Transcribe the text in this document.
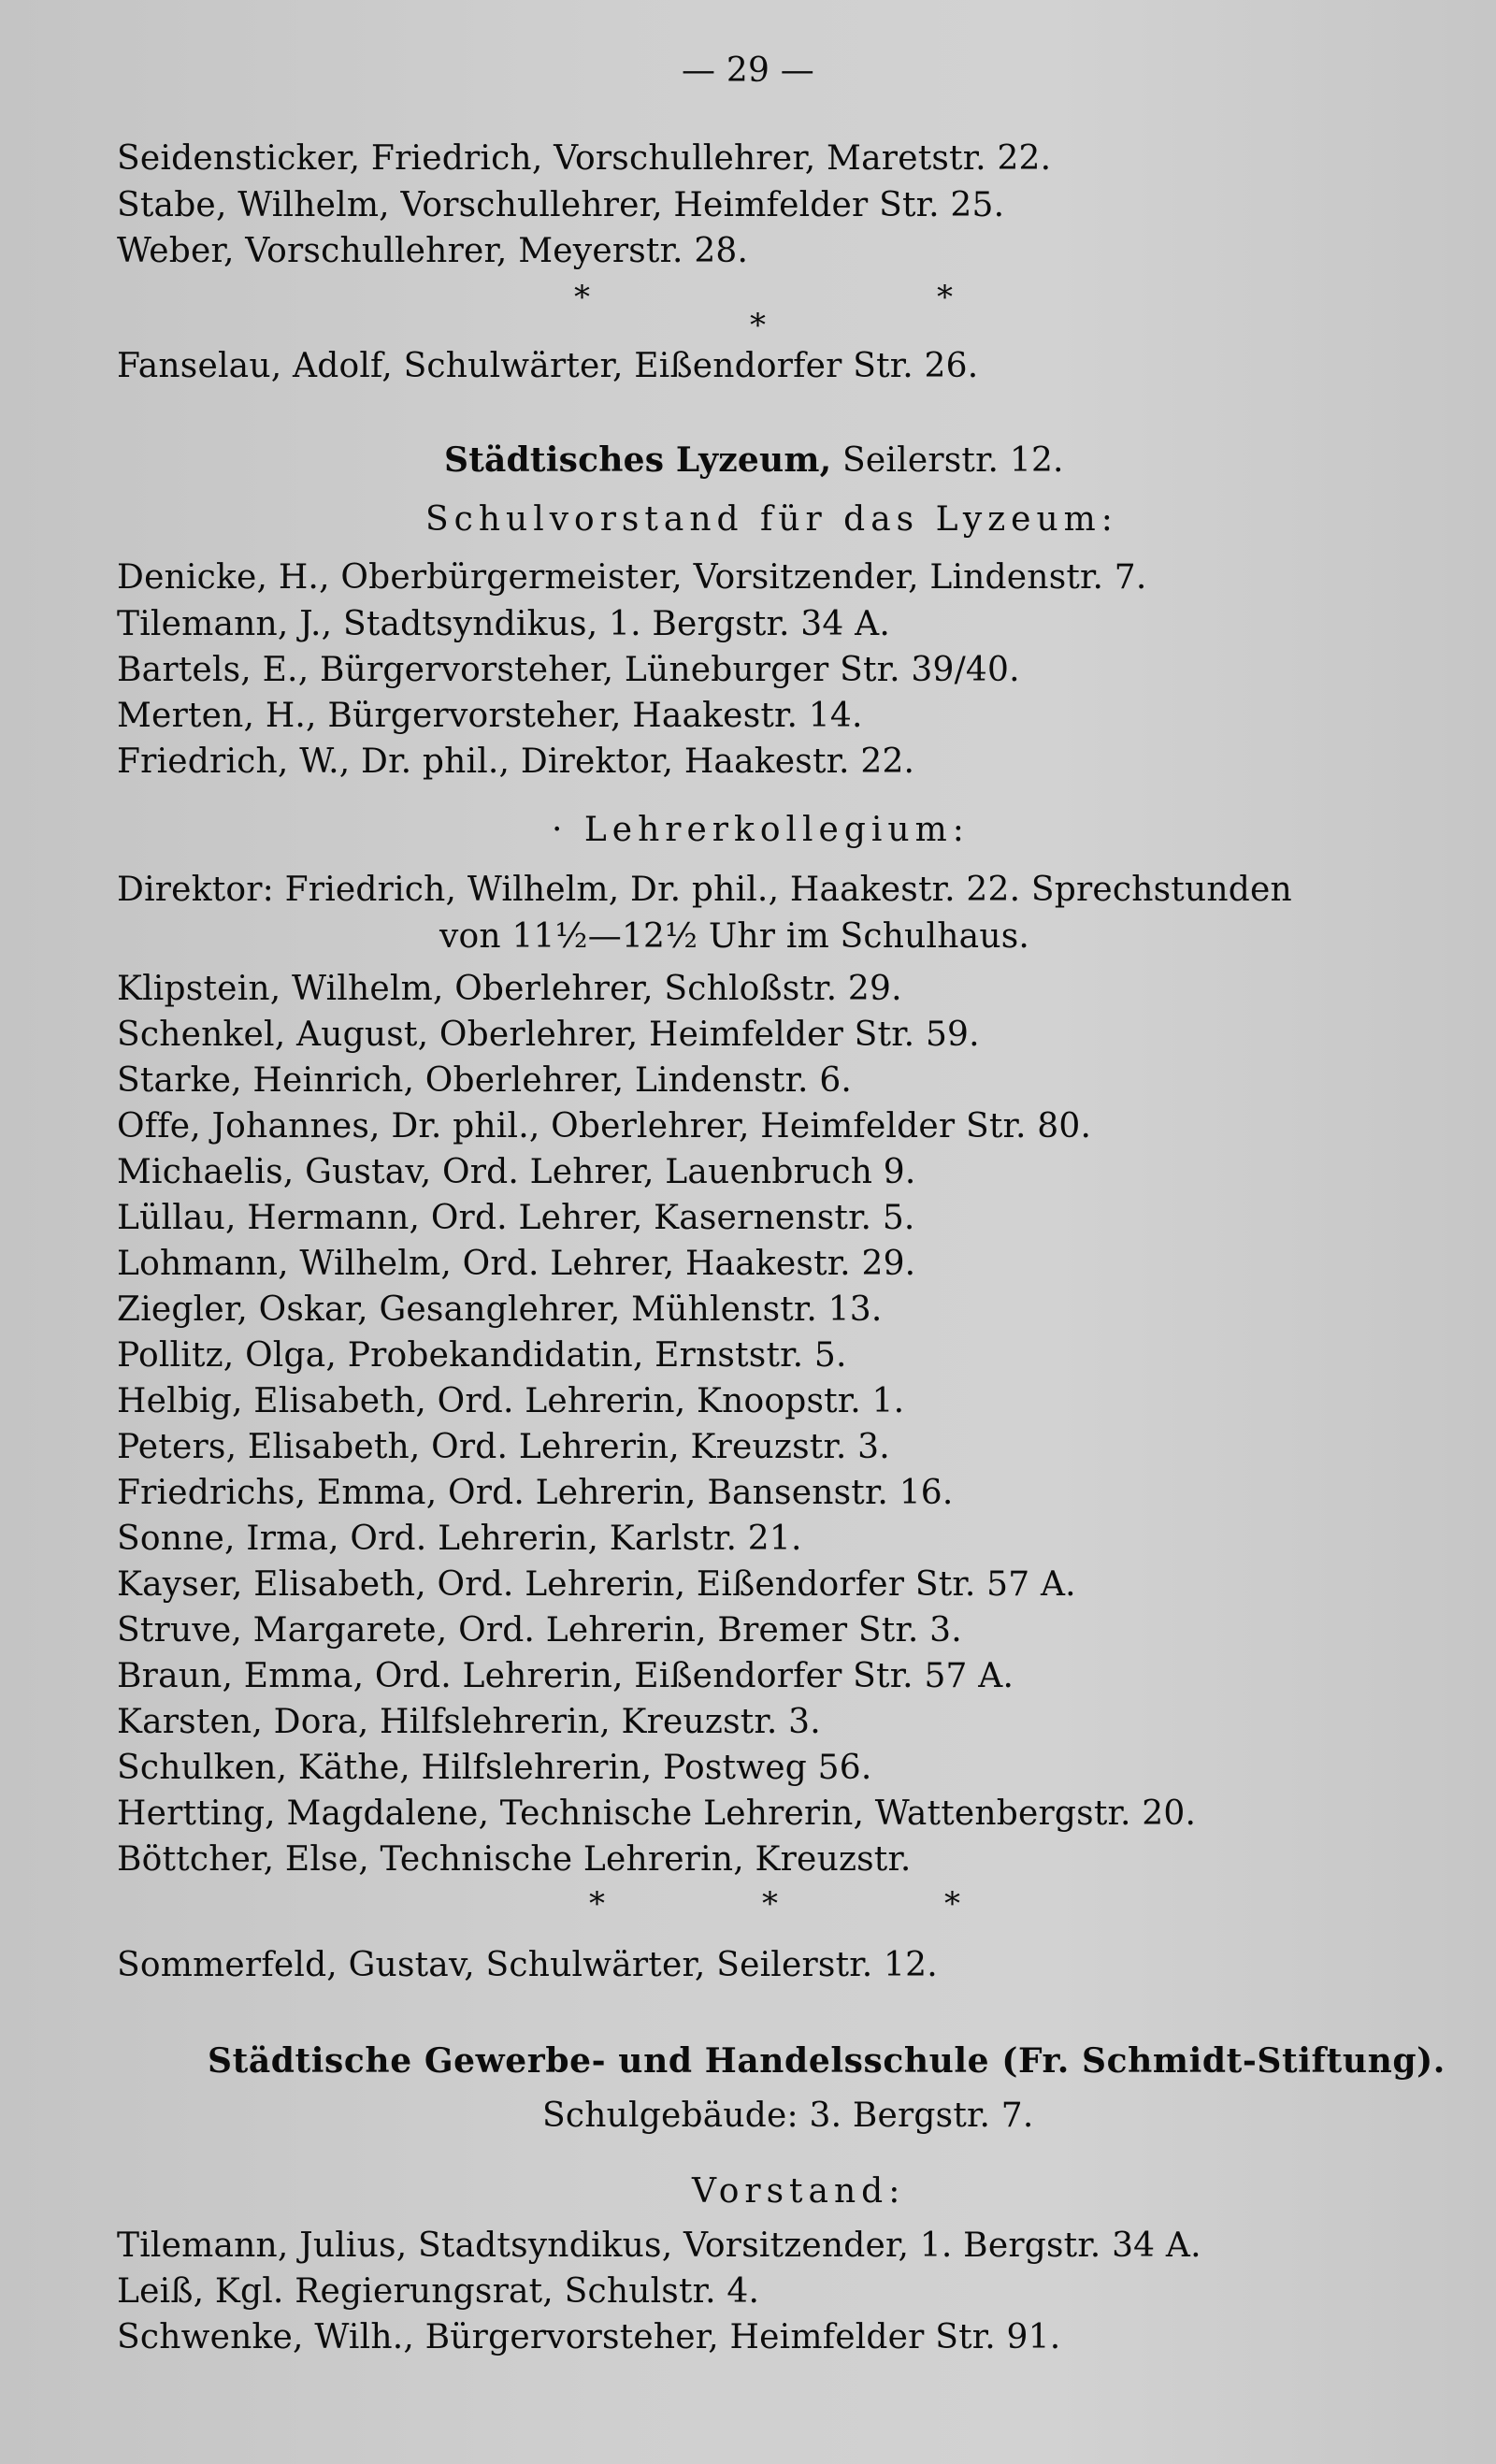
— 29 —
Seidensticker, Friedrich, Vorschullehrer, Maretstr. 22.
Stabe, Wilhelm, Vorschullehrer, Heimfelder Str. 25.
Weber, Vorschullehrer, Meyerstr. 28.
*
*
*
Fanselau, Adolf, Schulwärter, Eißendorfer Str. 26.
Städtisches Lyzeum, Seilerstr. 12.
Schulvorstand für das Lyzeum:
Denicke, H., Oberbürgermeister, Vorsitzender, Lindenstr. 7.
Tilemann, J., Stadtsyndikus, 1. Bergstr. 34 A.
Bartels, E., Bürgervorsteher, Lüneburger Str. 39/40.
Merten, H., Bürgervorsteher, Haakestr. 14.
Friedrich, W., Dr. phil., Direktor, Haakestr. 22.
· Lehrerkollegium:
Direktor: Friedrich, Wilhelm, Dr. phil., Haakestr. 22. Sprechstunden
von 11½—12½ Uhr im Schulhaus.
Klipstein, Wilhelm, Oberlehrer, Schloßstr. 29.
Schenkel, August, Oberlehrer, Heimfelder Str. 59.
Starke, Heinrich, Oberlehrer, Lindenstr. 6.
Offe, Johannes, Dr. phil., Oberlehrer, Heimfelder Str. 80.
Michaelis, Gustav, Ord. Lehrer, Lauenbruch 9.
Lüllau, Hermann, Ord. Lehrer, Kasernenstr. 5.
Lohmann, Wilhelm, Ord. Lehrer, Haakestr. 29.
Ziegler, Oskar, Gesanglehrer, Mühlenstr. 13.
Pollitz, Olga, Probekandidatin, Ernststr. 5.
Helbig, Elisabeth, Ord. Lehrerin, Knoopstr. 1.
Peters, Elisabeth, Ord. Lehrerin, Kreuzstr. 3.
Friedrichs, Emma, Ord. Lehrerin, Bansenstr. 16.
Sonne, Irma, Ord. Lehrerin, Karlstr. 21.
Kayser, Elisabeth, Ord. Lehrerin, Eißendorfer Str. 57 A.
Struve, Margarete, Ord. Lehrerin, Bremer Str. 3.
Braun, Emma, Ord. Lehrerin, Eißendorfer Str. 57 A.
Karsten, Dora, Hilfslehrerin, Kreuzstr. 3.
Schulken, Käthe, Hilfslehrerin, Postweg 56.
Hertting, Magdalene, Technische Lehrerin, Wattenbergstr. 20.
Böttcher, Else, Technische Lehrerin, Kreuzstr.
*	*	*
Sommerfeld, Gustav, Schulwärter, Seilerstr. 12.
Städtische Gewerbe- und Handelsschule (Fr. Schmidt-Stiftung).
Schulgebäude: 3. Bergstr. 7.
Vorstand:
Tilemann, Julius, Stadtsyndikus, Vorsitzender, 1. Bergstr. 34 A.
Leiß, Kgl. Regierungsrat, Schulstr. 4.
Schwenke, Wilh., Bürgervorsteher, Heimfelder Str. 91.
